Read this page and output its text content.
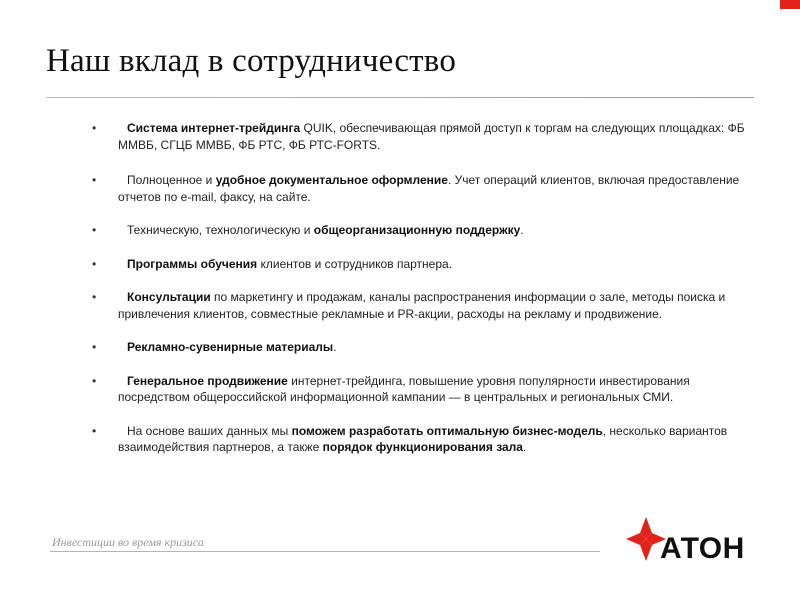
Наш вклад в сотрудничество
• Система интернет-трейдинга QUIK, обеспечивающая прямой доступ к торгам на следующих площадках: ФБ ММВБ, СГЦБ ММВБ, ФБ РТС, ФБ РТС-FORTS.
• Полноценное и удобное документальное оформление. Учет операций клиентов, включая предоставление отчетов по e-mail, факсу, на сайте.
• Техническую, технологическую и общеорганизационную поддержку.
• Программы обучения клиентов и сотрудников партнера.
• Консультации по маркетингу и продажам, каналы распространения информации о зале, методы поиска и привлечения клиентов, совместные рекламные и PR-акции, расходы на рекламу и продвижение.
• Рекламно-сувенирные материалы.
• Генеральное продвижение интернет-трейдинга, повышение уровня популярности инвестирования посредством общероссийской информационной кампании — в центральных и региональных СМИ.
• На основе ваших данных мы поможем разработать оптимальную бизнес-модель, несколько вариантов взаимодействия партнеров, а также порядок функционирования зала.
Инвестиции во время кризиса	АТОН
